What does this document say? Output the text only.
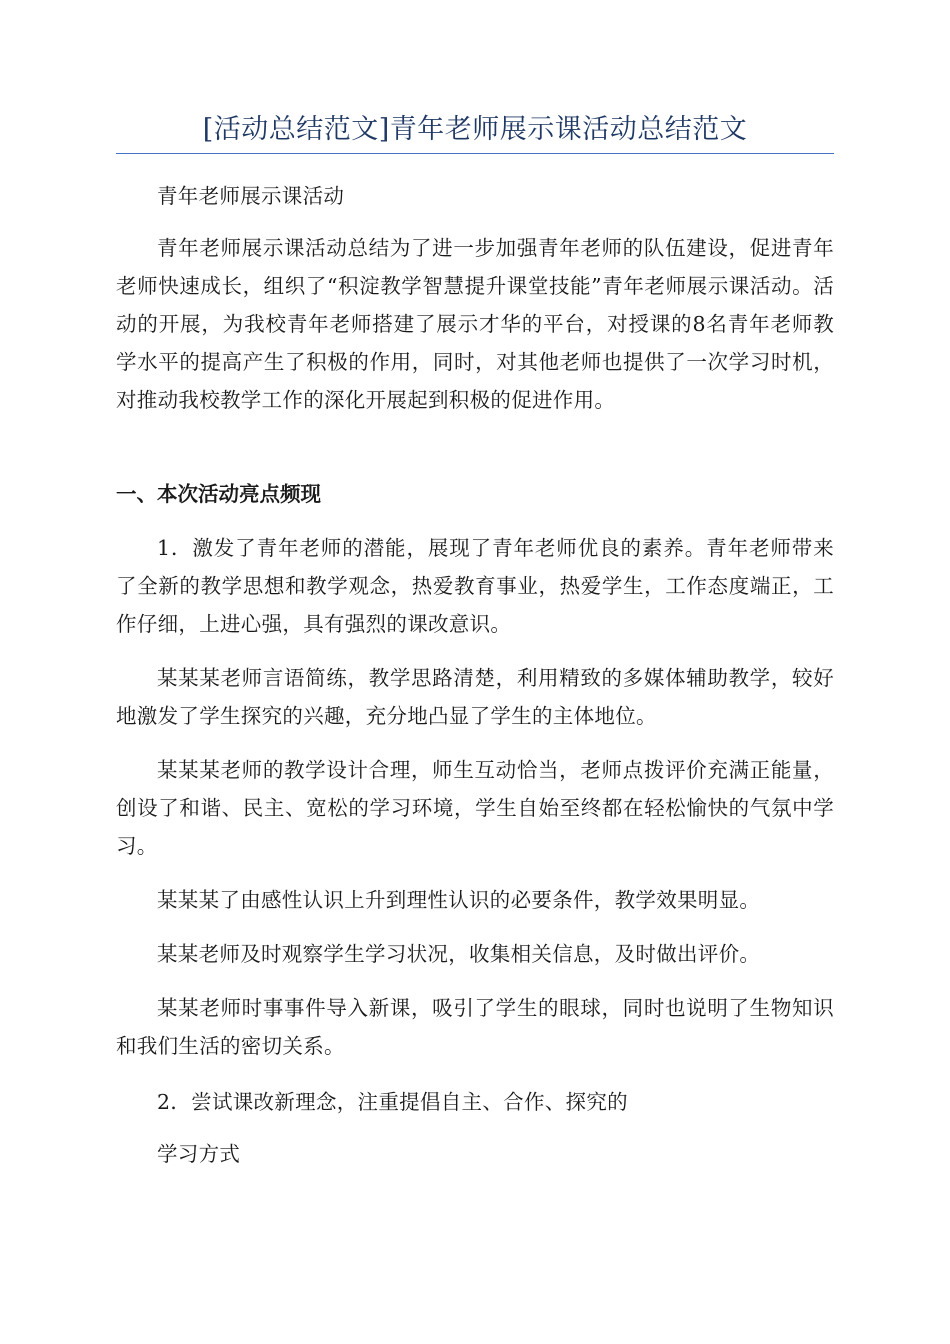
[活动总结范文]青年老师展示课活动总结范文
青年老师展示课活动
青年老师展示课活动总结为了进一步加强青年老师的队伍建设，促进青年老师快速成长，组织了“积淀教学智慧提升课堂技能”青年老师展示课活动。活动的开展，为我校青年老师搭建了展示才华的平台，对授课的8名青年老师教学水平的提高产生了积极的作用，同时，对其他老师也提供了一次学习时机，对推动我校教学工作的深化开展起到积极的促进作用。
一、本次活动亮点频现
1．激发了青年老师的潜能，展现了青年老师优良的素养。青年老师带来了全新的教学思想和教学观念，热爱教育事业，热爱学生，工作态度端正，工作仔细，上进心强，具有强烈的课改意识。
某某某老师言语简练，教学思路清楚，利用精致的多媒体辅助教学，较好地激发了学生探究的兴趣，充分地凸显了学生的主体地位。
某某某老师的教学设计合理，师生互动恰当，老师点拨评价充满正能量，创设了和谐、民主、宽松的学习环境，学生自始至终都在轻松愉快的气氛中学习。
某某某了由感性认识上升到理性认识的必要条件，教学效果明显。
某某老师及时观察学生学习状况，收集相关信息，及时做出评价。
某某老师时事事件导入新课，吸引了学生的眼球，同时也说明了生物知识和我们生活的密切关系。
2．尝试课改新理念，注重提倡自主、合作、探究的
学习方式
